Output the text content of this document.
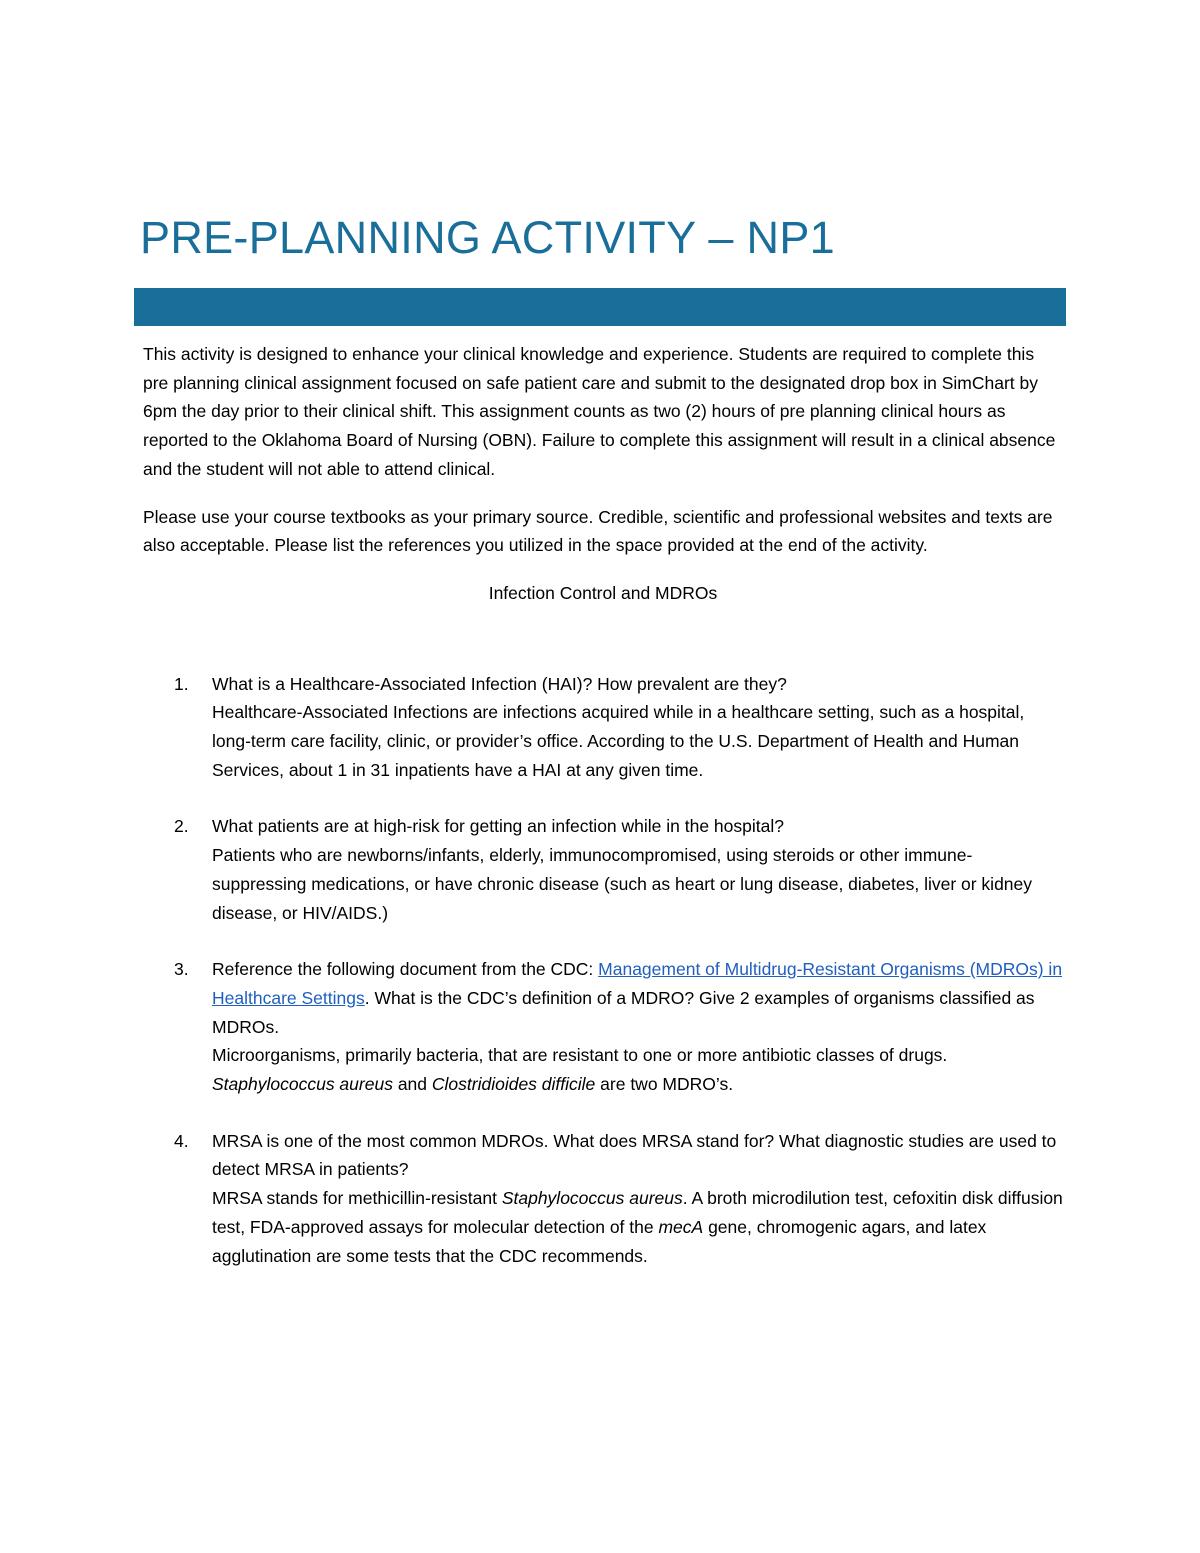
PRE-PLANNING ACTIVITY – NP1

This activity is designed to enhance your clinical knowledge and experience. Students are required to complete this pre planning clinical assignment focused on safe patient care and submit to the designated drop box in SimChart by 6pm the day prior to their clinical shift. This assignment counts as two (2) hours of pre planning clinical hours as reported to the Oklahoma Board of Nursing (OBN). Failure to complete this assignment will result in a clinical absence and the student will not able to attend clinical.

Please use your course textbooks as your primary source. Credible, scientific and professional websites and texts are also acceptable. Please list the references you utilized in the space provided at the end of the activity.

Infection Control and MDROs

1. What is a Healthcare-Associated Infection (HAI)? How prevalent are they?

Healthcare-Associated Infections are infections acquired while in a healthcare setting, such as a hospital, long-term care facility, clinic, or provider’s office. According to the U.S. Department of Health and Human Services, about 1 in 31 inpatients have a HAI at any given time.

2. What patients are at high-risk for getting an infection while in the hospital?

Patients who are newborns/infants, elderly, immunocompromised, using steroids or other immune-suppressing medications, or have chronic disease (such as heart or lung disease, diabetes, liver or kidney disease, or HIV/AIDS.)

3. Reference the following document from the CDC: Management of Multidrug-Resistant Organisms (MDROs) in Healthcare Settings. What is the CDC’s definition of a MDRO? Give 2 examples of organisms classified as MDROs.

Microorganisms, primarily bacteria, that are resistant to one or more antibiotic classes of drugs.
Staphylococcus aureus and Clostridioides difficile are two MDRO’s.

4. MRSA is one of the most common MDROs. What does MRSA stand for? What diagnostic studies are used to detect MRSA in patients?

MRSA stands for methicillin-resistant Staphylococcus aureus. A broth microdilution test, cefoxitin disk diffusion test, FDA-approved assays for molecular detection of the mecA gene, chromogenic agars, and latex agglutination are some tests that the CDC recommends.
